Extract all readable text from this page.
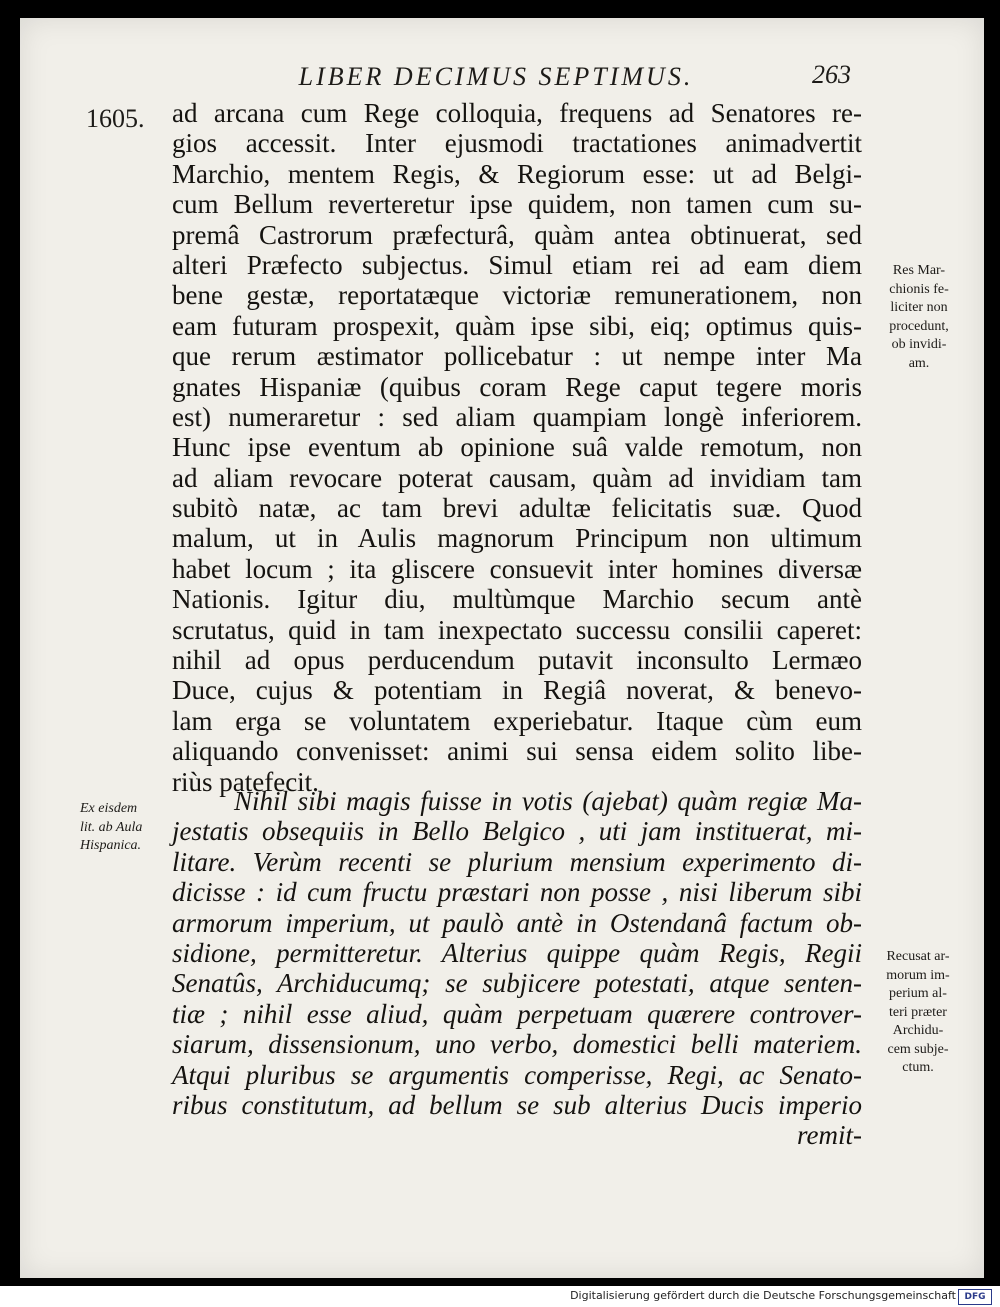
LIBER DECIMUS SEPTIMUS.	263
1605. ad arcana cum Rege colloquia, frequens ad Senatores re-
gios accessit. Inter ejusmodi tractationes animadvertit
Marchio, mentem Regis, & Regiorum esse: ut ad Belgi-
cum Bellum reverteretur ipse quidem, non tamen cum su-
premâ Castrorum præfecturâ, quàm antea obtinuerat, sed
alteri Præfecto subjectus. Simul etiam rei ad eam diem
bene gestæ, reportatæque victoriæ remunerationem, non
eam futuram prospexit, quàm ipse sibi, eiq; optimus quis-
que rerum æstimator pollicebatur : ut nempe inter Ma
gnates Hispaniæ (quibus coram Rege caput tegere moris
est) numeraretur : sed aliam quampiam longè inferiorem.
Hunc ipse eventum ab opinione suâ valde remotum, non
ad aliam revocare poterat causam, quàm ad invidiam tam
subitò natæ, ac tam brevi adultæ felicitatis suæ. Quod
malum, ut in Aulis magnorum Principum non ultimum
habet locum ; ita gliscere consuevit inter homines diversæ
Nationis. Igitur diu, multùmque Marchio secum antè
scrutatus, quid in tam inexpectato successu consilii caperet:
nihil ad opus perducendum putavit inconsulto Lermæo
Duce, cujus & potentiam in Regiâ noverat, & benevo-
lam erga se voluntatem experiebatur. Itaque cùm eum
aliquando convenisset: animi sui sensa eidem solito libe-
riùs patefecit.
Nihil sibi magis fuisse in votis (ajebat) quàm regiæ Ma-
jestatis obsequiis in Bello Belgico , uti jam instituerat, mi-
litare. Verùm recenti se plurium mensium experimento di-
dicisse : id cum fructu præstari non posse , nisi liberum sibi
armorum imperium, ut paulò antè in Ostendanâ factum ob-
sidione, permitteretur. Alterius quippe quàm Regis, Regii
Senatûs, Archiducumq; se subjicere potestati, atque senten-
tiæ ; nihil esse aliud, quàm perpetuam quærere controver-
siarum, dissensionum, uno verbo, domestici belli materiem.
Atqui pluribus se argumentis comperisse, Regi, ac Senato-
ribus constitutum, ad bellum se sub alterius Ducis imperio
remit-
Ex eisdem
lit. ab Aula
Hispanica.
Res Mar-
chionis fe-
liciter non
procedunt,
ob invidi-
am.
Recusat ar-
morum im-
perium al-
teri præter
Archidu-
cem subje-
ctum.
Digitalisierung gefördert durch die Deutsche Forschungsgemeinschaft DFG
